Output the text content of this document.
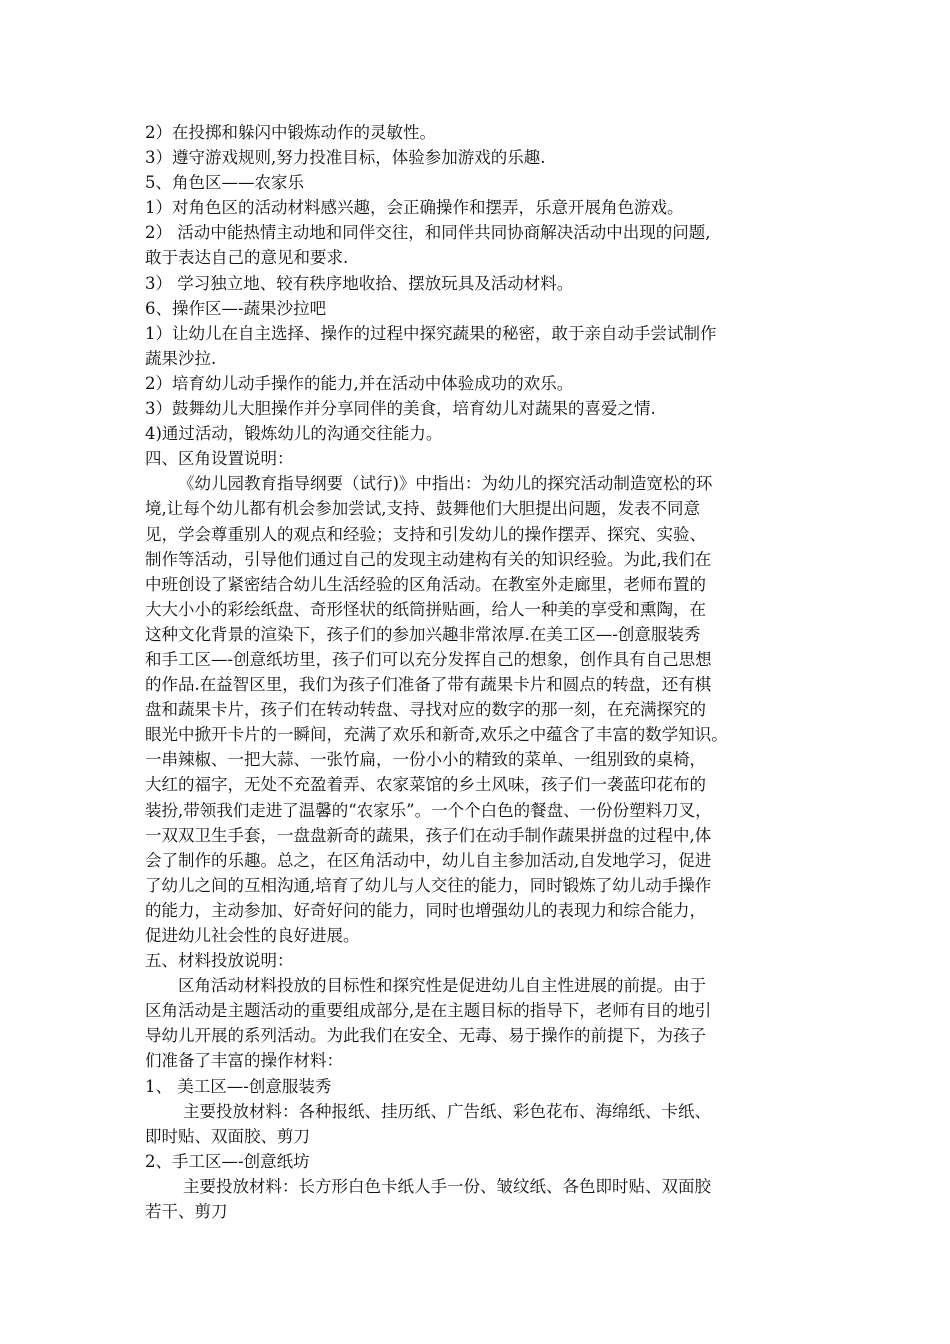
2）在投掷和躲闪中锻炼动作的灵敏性。
3）遵守游戏规则,努力投准目标，体验参加游戏的乐趣.
5、角色区——农家乐
1）对角色区的活动材料感兴趣，会正确操作和摆弄，乐意开展角色游戏。
2） 活动中能热情主动地和同伴交往，和同伴共同协商解决活动中出现的问题,
敢于表达自己的意见和要求.
3） 学习独立地、较有秩序地收拾、摆放玩具及活动材料。
6、操作区—-蔬果沙拉吧
1）让幼儿在自主选择、操作的过程中探究蔬果的秘密，敢于亲自动手尝试制作
蔬果沙拉.
2）培育幼儿动手操作的能力,并在活动中体验成功的欢乐。
3）鼓舞幼儿大胆操作并分享同伴的美食，培育幼儿对蔬果的喜爱之情.
4)通过活动，锻炼幼儿的沟通交往能力。
四、区角设置说明：
《幼儿园教育指导纲要（试行)》中指出：为幼儿的探究活动制造宽松的环
境,让每个幼儿都有机会参加尝试,支持、鼓舞他们大胆提出问题，发表不同意
见，学会尊重别人的观点和经验；支持和引发幼儿的操作摆弄、探究、实验、
制作等活动，引导他们通过自己的发现主动建构有关的知识经验。为此,我们在
中班创设了紧密结合幼儿生活经验的区角活动。在教室外走廊里，老师布置的
大大小小的彩绘纸盘、奇形怪状的纸筒拼贴画，给人一种美的享受和熏陶，在
这种文化背景的渲染下，孩子们的参加兴趣非常浓厚.在美工区—-创意服装秀
和手工区—-创意纸坊里，孩子们可以充分发挥自己的想象，创作具有自己思想
的作品.在益智区里，我们为孩子们准备了带有蔬果卡片和圆点的转盘，还有棋
盘和蔬果卡片，孩子们在转动转盘、寻找对应的数字的那一刻，在充满探究的
眼光中掀开卡片的一瞬间，充满了欢乐和新奇,欢乐之中蕴含了丰富的数学知识。
一串辣椒、一把大蒜、一张竹扁，一份小小的精致的菜单、一组别致的桌椅，
大红的福字，无处不充盈着弄、农家菜馆的乡土风味，孩子们一袭蓝印花布的
装扮,带领我们走进了温馨的“农家乐”。一个个白色的餐盘、一份份塑料刀叉，
一双双卫生手套，一盘盘新奇的蔬果，孩子们在动手制作蔬果拼盘的过程中,体
会了制作的乐趣。总之，在区角活动中，幼儿自主参加活动,自发地学习，促进
了幼儿之间的互相沟通,培育了幼儿与人交往的能力，同时锻炼了幼儿动手操作
的能力，主动参加、好奇好问的能力，同时也增强幼儿的表现力和综合能力，
促进幼儿社会性的良好进展。
五、材料投放说明：
区角活动材料投放的目标性和探究性是促进幼儿自主性进展的前提。由于
区角活动是主题活动的重要组成部分,是在主题目标的指导下，老师有目的地引
导幼儿开展的系列活动。为此我们在安全、无毒、易于操作的前提下，为孩子
们准备了丰富的操作材料：
1、 美工区—-创意服装秀
主要投放材料：各种报纸、挂历纸、广告纸、彩色花布、海绵纸、卡纸、
即时贴、双面胶、剪刀
2、手工区—-创意纸坊
主要投放材料：长方形白色卡纸人手一份、皱纹纸、各色即时贴、双面胶
若干、剪刀
